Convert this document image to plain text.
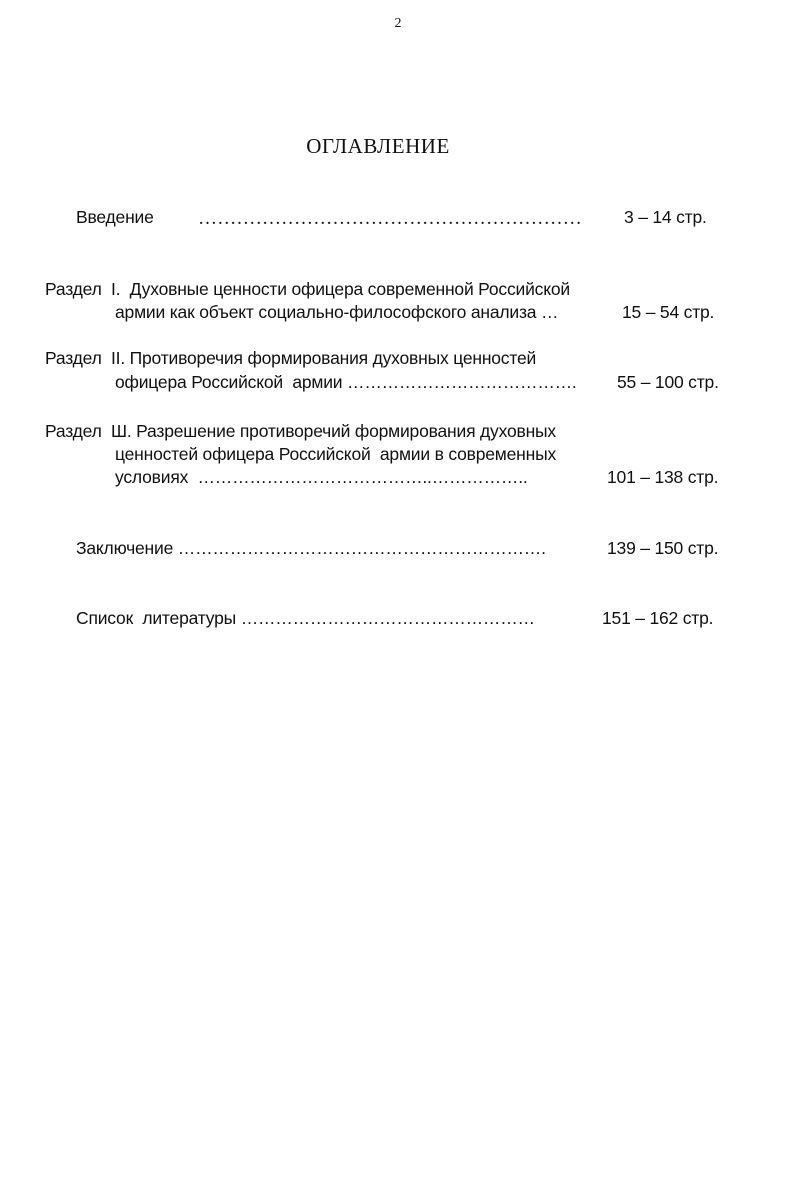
2
ОГЛАВЛЕНИЕ
Введение …………………………………………………… 3 – 14 стр.
Раздел I.  Духовные ценности офицера современной Российской
армии как объект социально-философского анализа …	15 – 54 стр.
Раздел II. Противоречия формирования духовных ценностей
офицера Российской  армии …………………………………. 55 – 100 стр.
Раздел Ш. Разрешение противоречий формирования духовных
ценностей офицера Российской  армии в современных
условиях  …………………………………..……………..	101 – 138 стр.
Заключение ……………………………………………………….	139 – 150 стр.
Список  литературы ……………………………………………	151 – 162 стр.
